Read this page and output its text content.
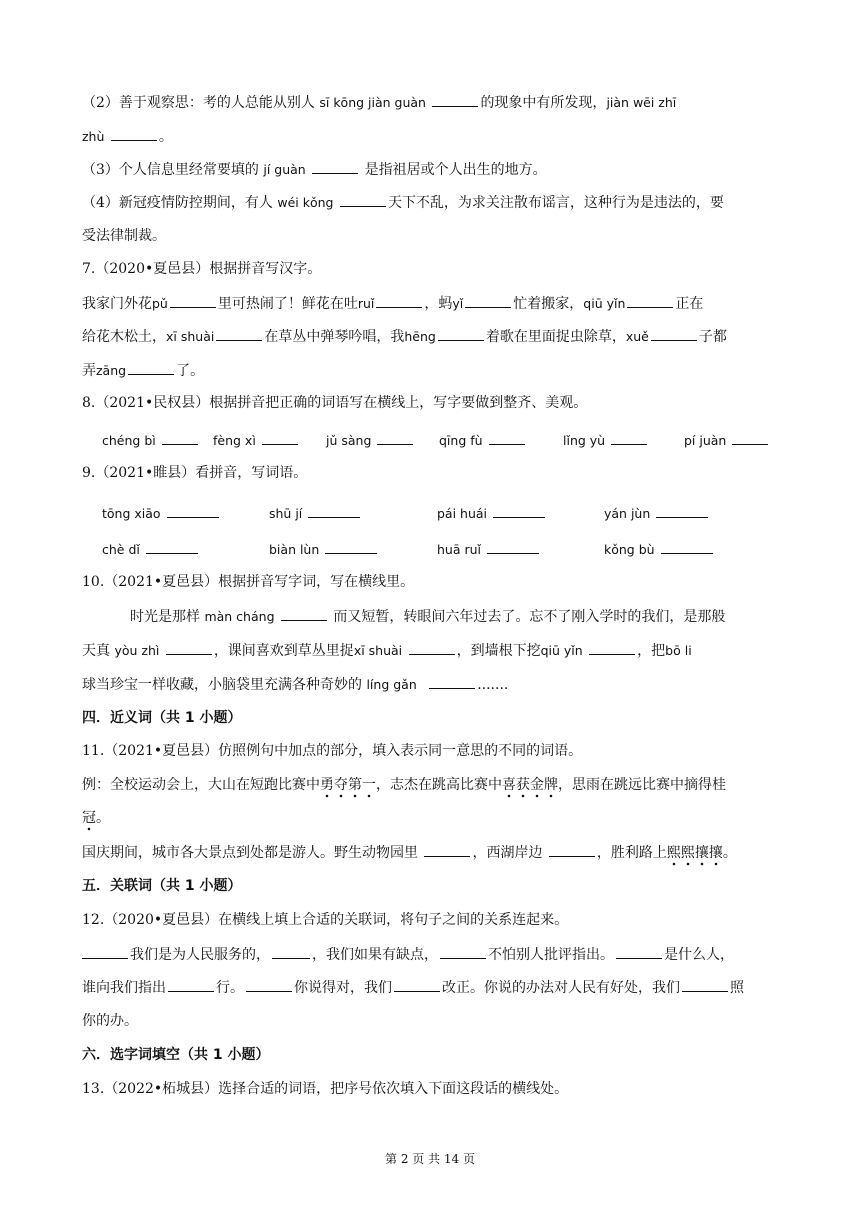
（2）善于观察思：考的人总能从别人 sī kōng jiàn guàn	的现象中有所发现，jiàn wēi zhī
zhù	。
（3）个人信息里经常要填的 jí guàn	是指祖居或个人出生的地方。
（4）新冠疫情防控期间，有人 wéi kǒng	天下不乱，为求关注散布谣言，这种行为是违法的，要
受法律制裁。
7.（2020•夏邑县）根据拼音写汉字。
我家门外花pǔ	里可热闹了！鲜花在吐ruǐ	，蚂yǐ	忙着搬家，qiū yǐn	正在
给花木松土，xī shuài	在草丛中弹琴吟唱，我hēng	着歌在里面捉虫除草，xuě	子都
弄zāng	了。
8.（2021•民权县）根据拼音把正确的词语写在横线上，写字要做到整齐、美观。
chéng bì	fèng xì	jǔ sàng	qīng fù	lǐng yù	pí juàn
9.（2021•睢县）看拼音，写词语。
tōng xiāo	shū jí	pái huái	yán jùn
chè dǐ	biàn lùn	huā ruǐ	kǒng bù
10.（2021•夏邑县）根据拼音写字词，写在横线里。
时光是那样 màn cháng	而又短暂，转眼间六年过去了。忘不了刚入学时的我们，是那般
天真 yòu zhì	，课间喜欢到草丛里捉xī shuài	，到墙根下挖qiū yǐn	，把bō li
球当珍宝一样收藏，小脑袋里充满各种奇妙的 líng gǎn	.......
四．近义词（共 1 小题）
11.（2021•夏邑县）仿照例句中加点的部分，填入表示同一意思的不同的词语。
例：全校运动会上，大山在短跑比赛中勇夺第一，志杰在跳高比赛中喜获金牌，思雨在跳远比赛中摘得桂
冠。
国庆期间，城市各大景点到处都是游人。野生动物园里	，西湖岸边	，胜利路上熙熙攘攘。
五．关联词（共 1 小题）
12.（2020•夏邑县）在横线上填上合适的关联词，将句子之间的关系连起来。
我们是为人民服务的，	，我们如果有缺点，	不怕别人批评指出。	是什么人，
谁向我们指出	行。	你说得对，我们	改正。你说的办法对人民有好处，我们	照
你的办。
六．选字词填空（共 1 小题）
13.（2022•柘城县）选择合适的词语，把序号依次填入下面这段话的横线处。
第 2 页 共 14 页
